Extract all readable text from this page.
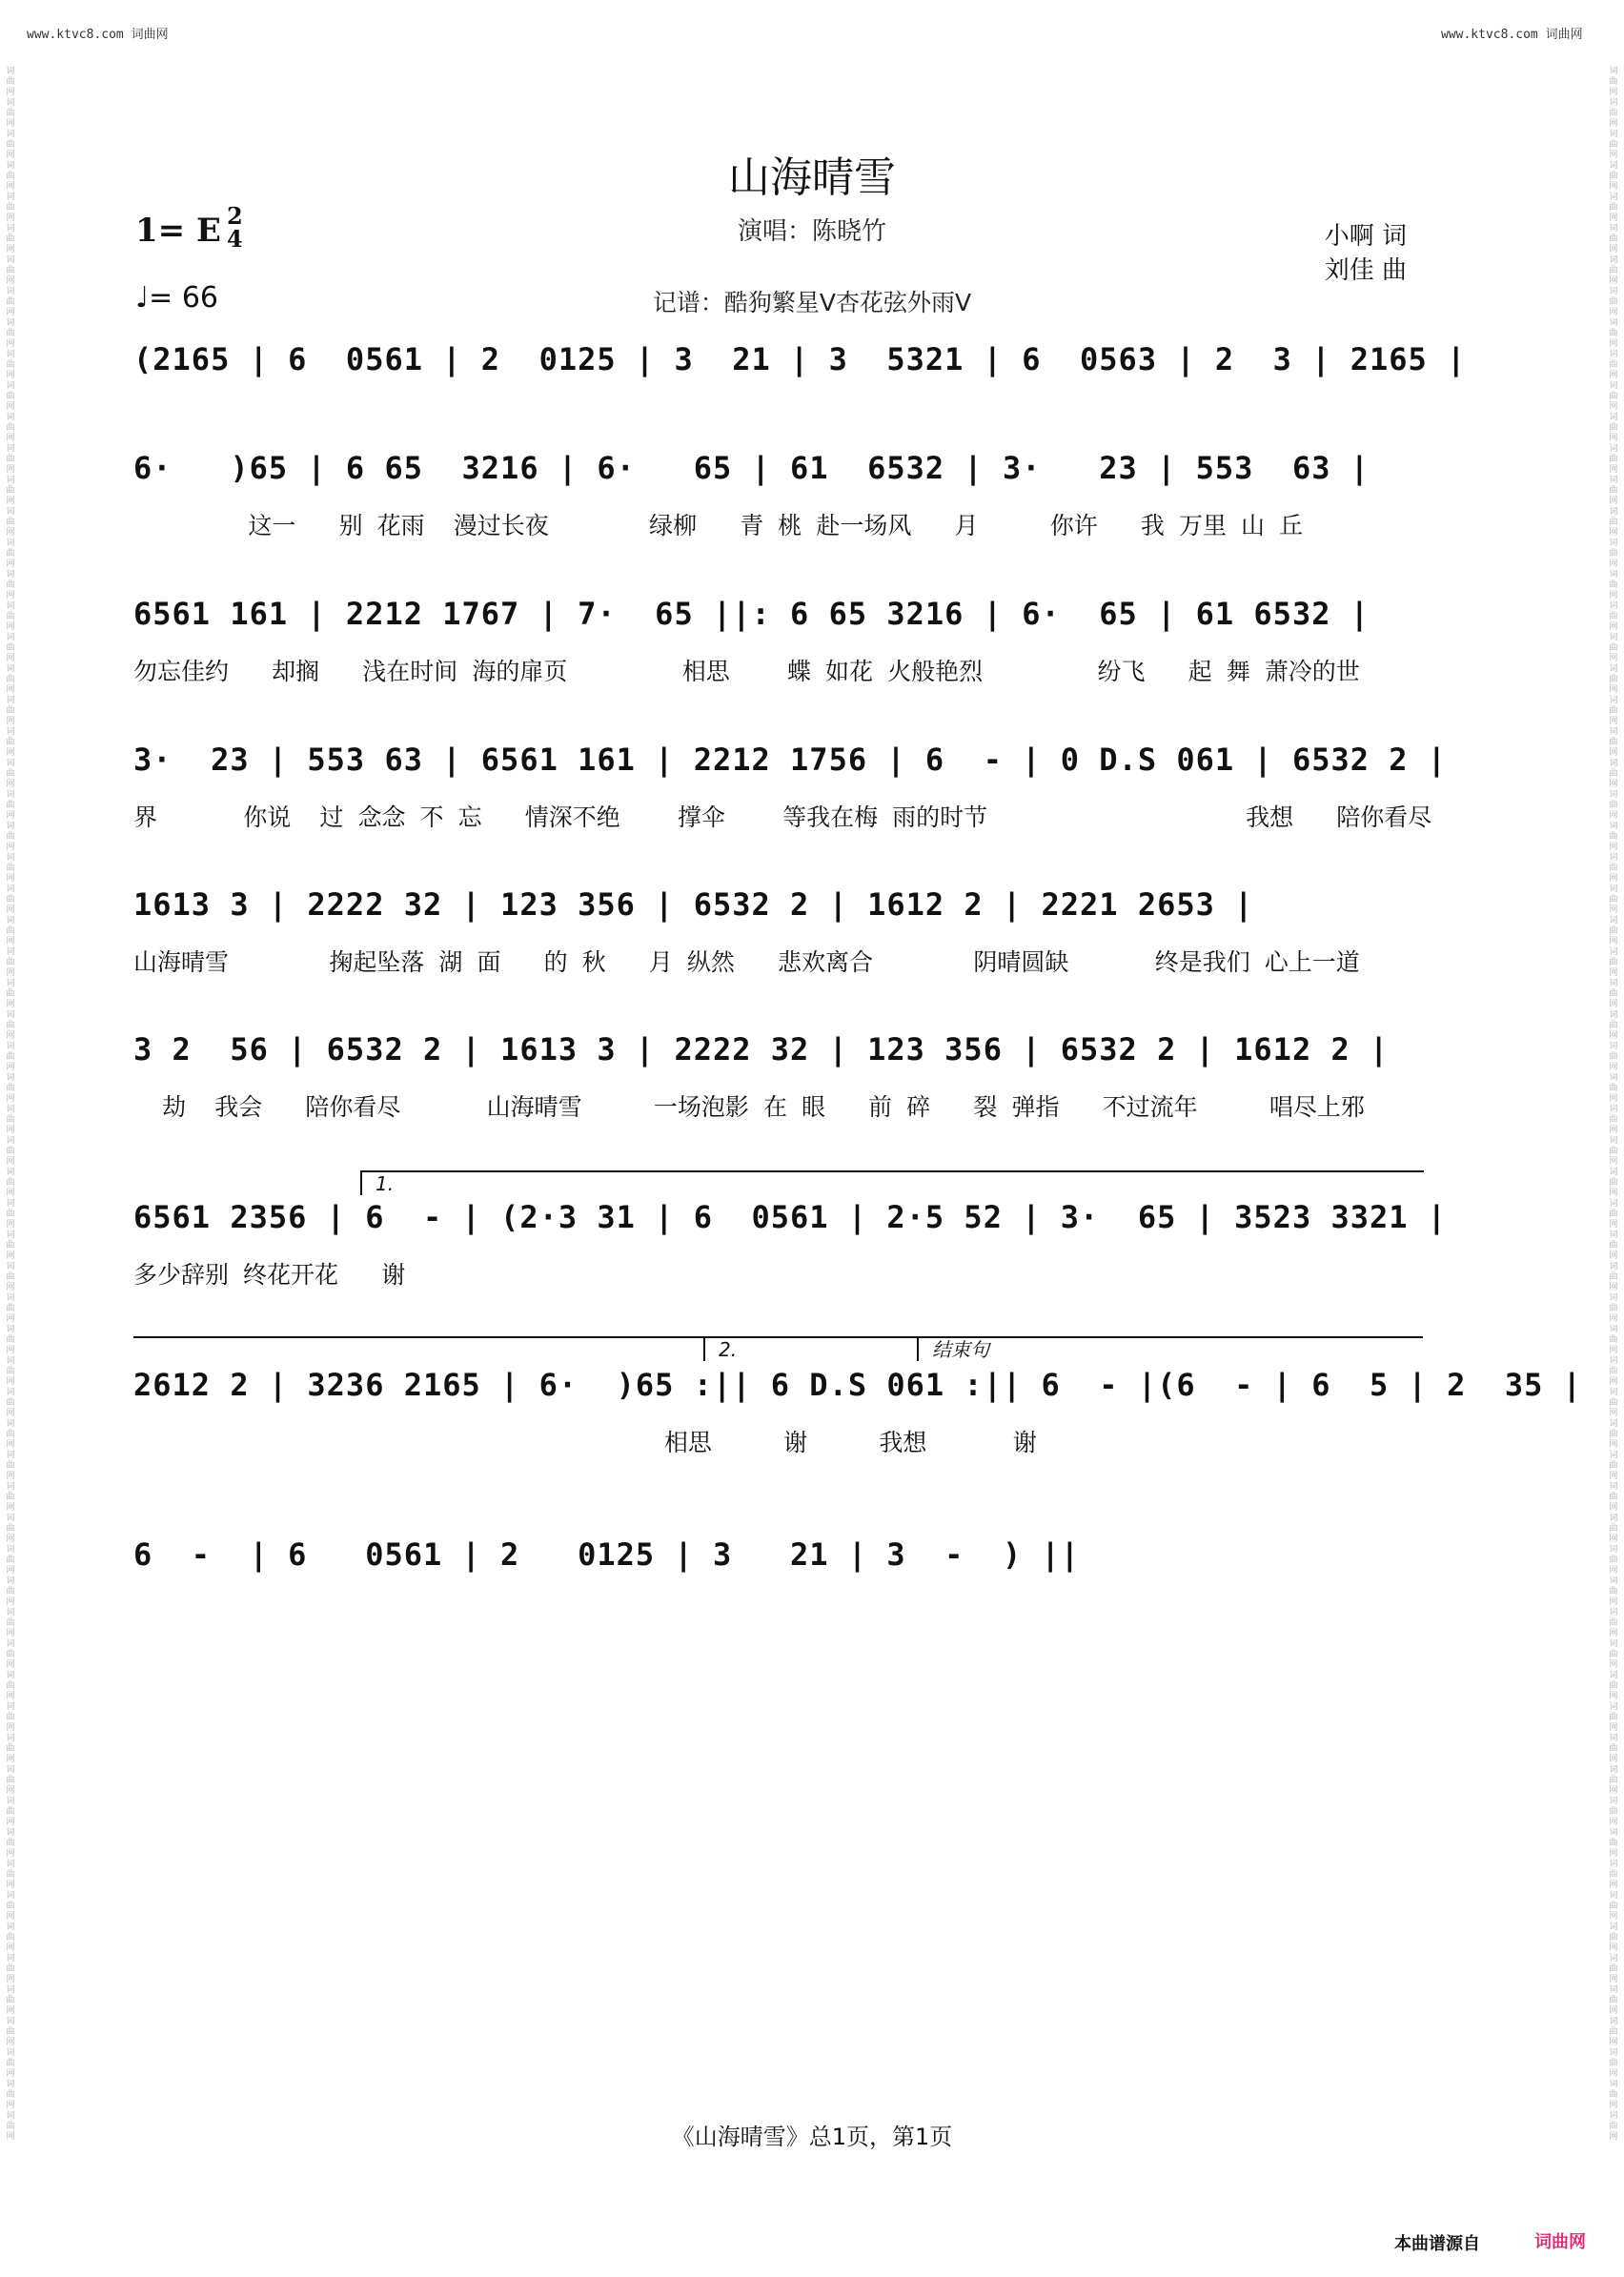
www.ktvc8.com 词曲网	www.ktvc8.com 词曲网
词
曲
网
词
曲
网
词
曲
网
词
曲
网
词
曲
网
词
曲
网
词
曲
网
词
曲
网
词
曲
网
词
曲
网
词
曲
网
词
曲
网
词
曲
网
词
曲
网
词
曲
网
词
曲
网
词
曲
网
词
曲
网
词
曲
网
词
曲
网
词
曲
网
词
曲
网
词
曲
网
词
曲
网
词
曲
网
词
曲
网
词
曲
网
词
曲
网
词
曲
网
词
曲
网
词
曲
网
词
曲
网
词
曲
网
词
曲
网
词
曲
网
词
曲
网
词
曲
网
词
曲
网
词
曲
网
词
曲
网
词
曲
网
词
曲
网
词
曲
网
词
曲
网
词
曲
网
词
曲
网
词
曲
网
词
曲
网
词
曲
网
词
曲
网
词
曲
网
词
曲
网
词
曲
网
词
曲
网
词
曲
网
词
曲
网
词
曲
网
词
曲
网
词
曲
网
词
曲
网
词
曲
网
词
曲
网
词
曲
网
词
曲
网
词
曲
网
词
曲
网
词
曲
网
词
曲
网
词
曲
网
词
曲
网
词
曲
网
词
曲
网
词
曲
网
词
曲
网
词
曲
网
词
曲
网
词
曲
网
词
曲
网
词
曲
网
词
曲
网
词
曲
网
词
曲
网
词
曲
网
词
曲
网
词
曲
网
词
曲
网
词
曲
网
词
曲
网
词
曲
网
词
曲
网
词
曲
网
词
曲
网
词
曲
网
词
曲
网
词
曲
网
词
曲
网
词
曲
网
词
曲
网
词
曲
网
词
曲
网
词
曲
网
词
曲
网
词
曲
网
词
曲
网
词
曲
网
词
曲
网
词
曲
网
词
曲
网
词
曲
网
词
曲
网
词
曲
网
词
曲
网
词
曲
网
词
曲
网
词
曲
网
词
曲
网
词
曲
网
词
曲
网
词
曲
网
词
曲
网
词
曲
网
词
曲
网
词
曲
网
词
曲
网
词
曲
网
词
曲
网
词
曲
网
词
曲
网
词
曲
网
词
曲
网
词
曲
网
词
曲
网
山海晴雪
演唱：陈晓竹	小啊 词
刘佳 曲
1= E 2
4
♩= 66	记谱：酷狗繁星V杏花弦外雨V
(2165 | 6  0561 | 2  0125 | 3  21 | 3  5321 | 6  0563 | 2  3 | 2165 |
6·   )65 | 6 65  3216 | 6·   65 | 61  6532 | 3·   23 | 553  63 |
这一   别 花雨  漫过长夜       绿柳   青 桃 赴一场风   月     你许   我 万里 山 丘
6561 161 | 2212 1767 | 7·  65 ||: 6 65 3216 | 6·  65 | 61 6532 |
勿忘佳约   却搁   浅在时间 海的扉页        相思    蝶 如花 火般艳烈        纷飞   起 舞 萧冷的世
3·  23 | 553 63 | 6561 161 | 2212 1756 | 6  - | 0 D.S 061 | 6532 2 |
界      你说  过 念念 不 忘   情深不绝    撑伞    等我在梅 雨的时节                  我想   陪你看尽
1613 3 | 2222 32 | 123 356 | 6532 2 | 1612 2 | 2221 2653 |
山海晴雪       掬起坠落 湖 面   的 秋   月 纵然   悲欢离合       阴晴圆缺      终是我们 心上一道
3 2  56 | 6532 2 | 1613 3 | 2222 32 | 123 356 | 6532 2 | 1612 2 |
劫  我会   陪你看尽      山海晴雪     一场泡影 在 眼   前 碎   裂 弹指   不过流年     唱尽上邪
1.
6561 2356 | 6  - | (2·3 31 | 6  0561 | 2·5 52 | 3·  65 | 3523 3321 |
多少辞别 终花开花   谢
2.	结束句
2612 2 | 3236 2165 | 6·  )65 :|| 6 D.S 061 :|| 6  - |(6  - | 6  5 | 2  35 |
相思     谢     我想      谢
6  -  | 6   0561 | 2   0125 | 3   21 | 3  -  ) ||
《山海晴雪》总1页，第1页
本曲谱源自	词曲网
